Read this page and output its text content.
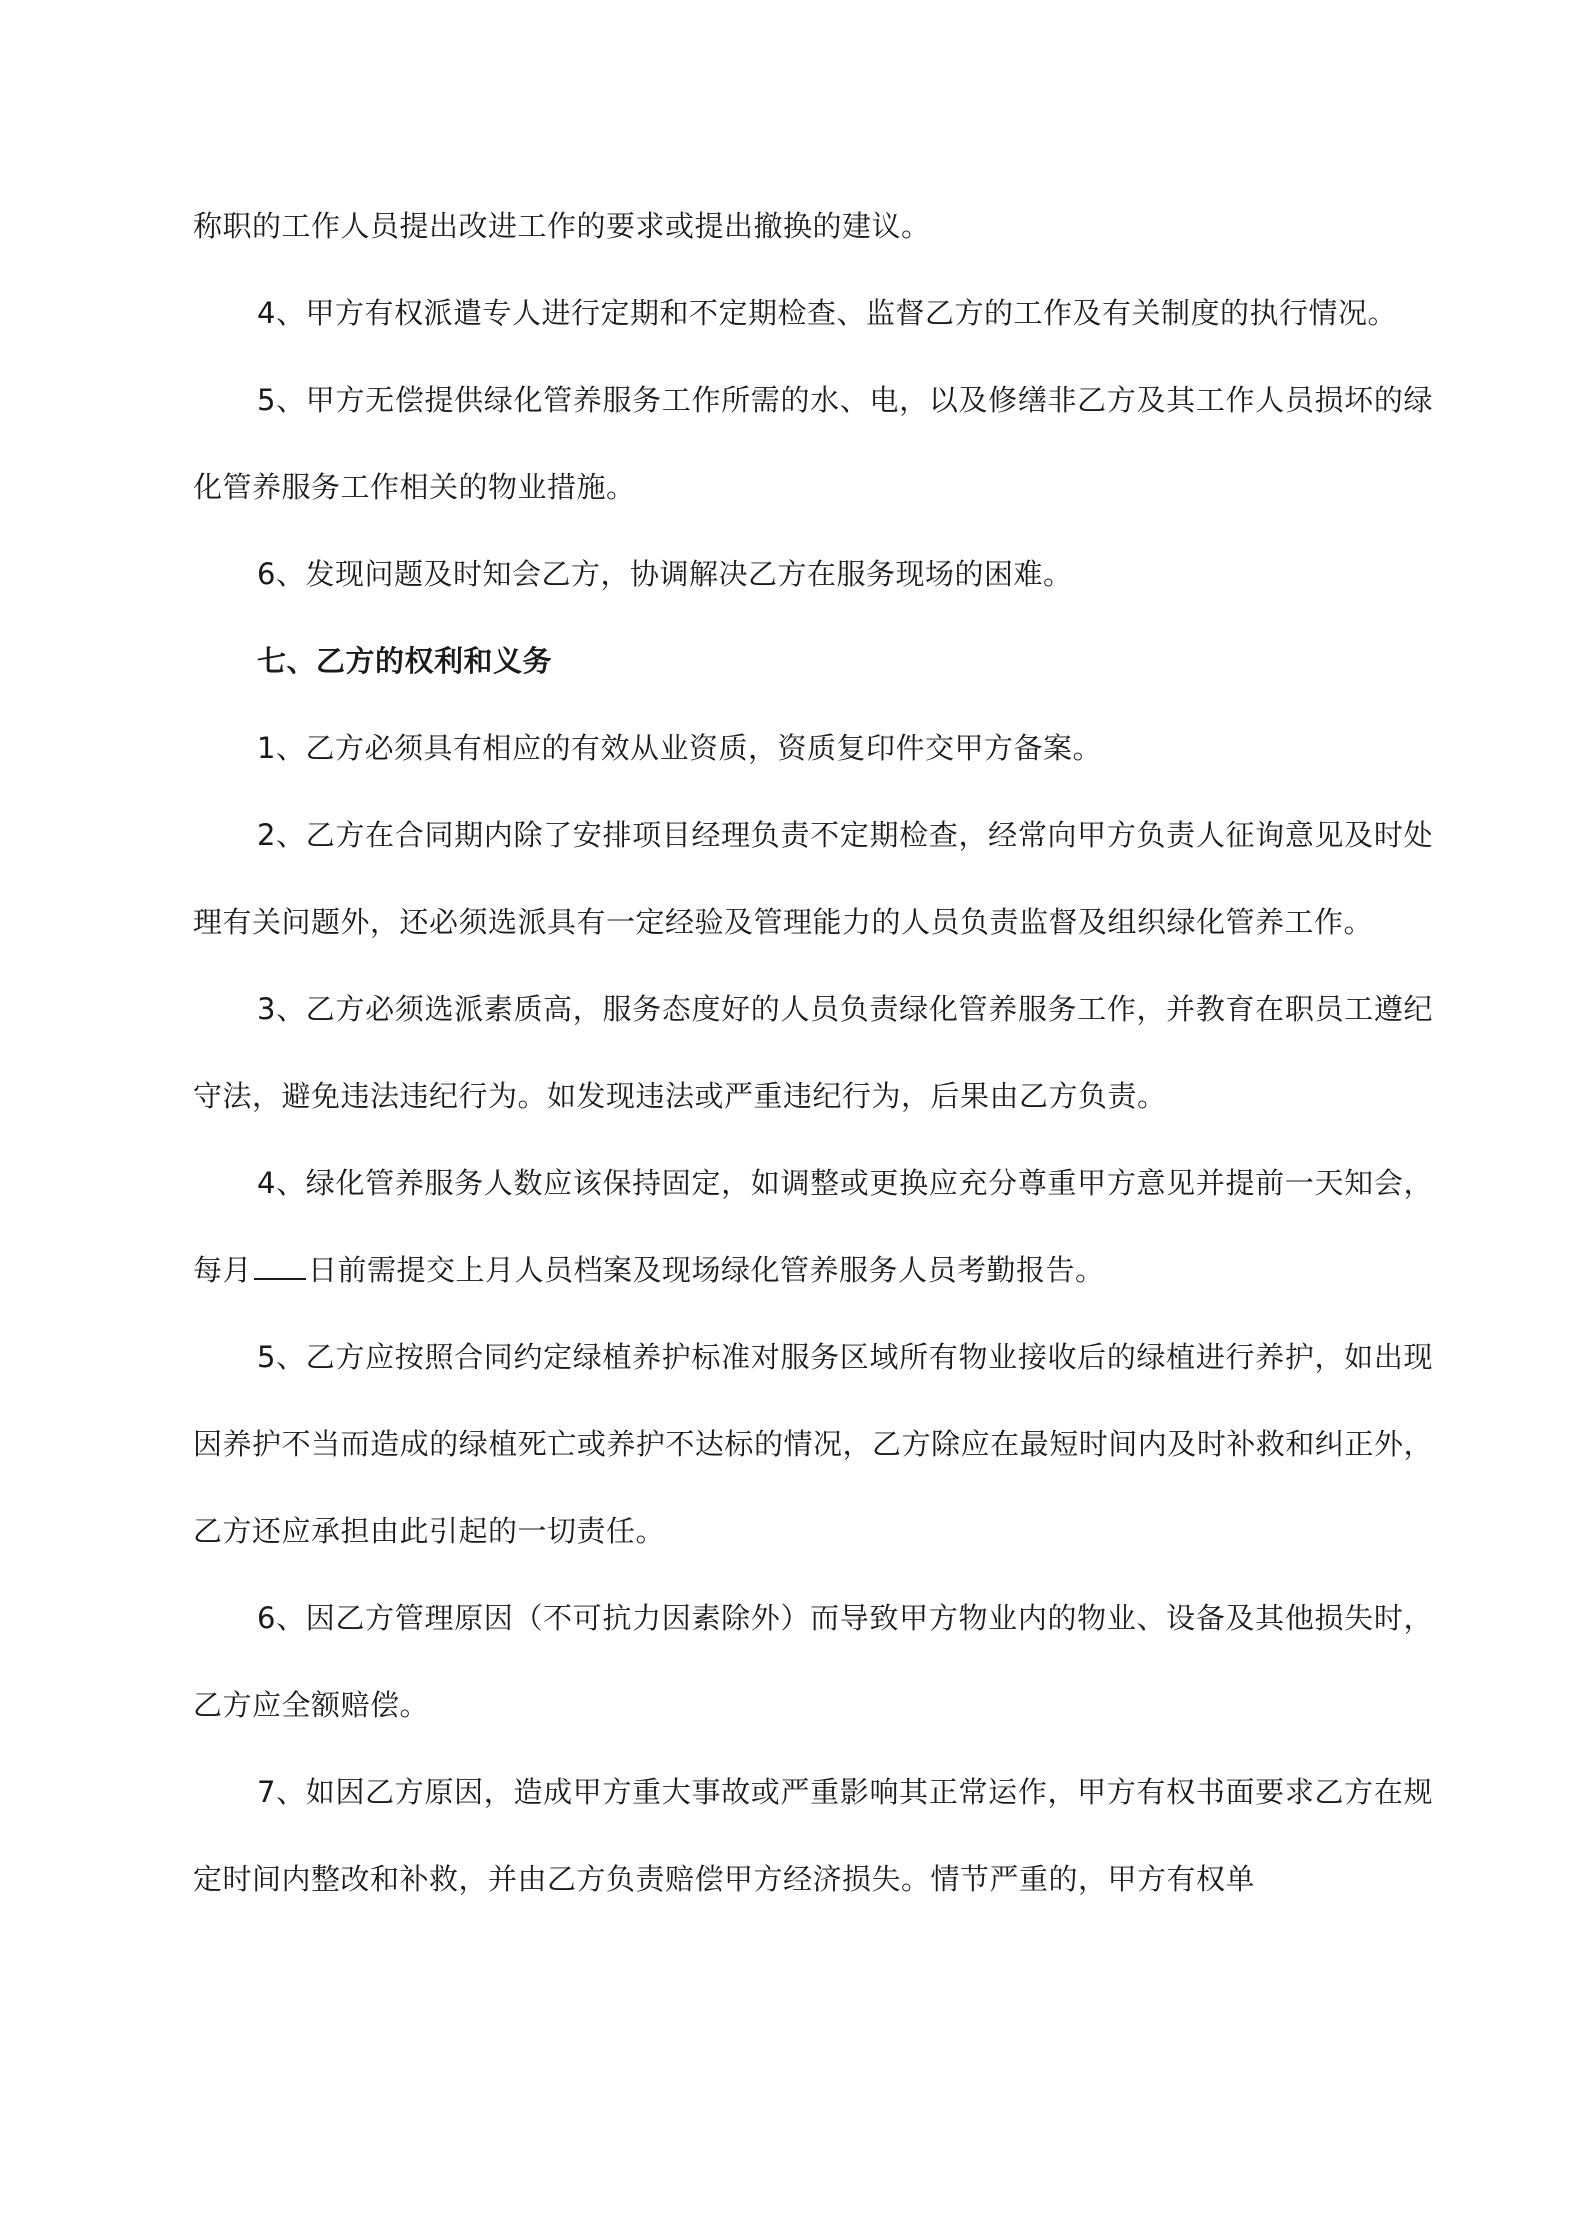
称职的工作人员提出改进工作的要求或提出撤换的建议。

4、甲方有权派遣专人进行定期和不定期检查、监督乙方的工作及有关制度的执行情况。

5、甲方无偿提供绿化管养服务工作所需的水、电，以及修缮非乙方及其工作人员损坏的绿化管养服务工作相关的物业措施。

6、发现问题及时知会乙方，协调解决乙方在服务现场的困难。

七、乙方的权利和义务

1、乙方必须具有相应的有效从业资质，资质复印件交甲方备案。

2、乙方在合同期内除了安排项目经理负责不定期检查，经常向甲方负责人征询意见及时处理有关问题外，还必须选派具有一定经验及管理能力的人员负责监督及组织绿化管养工作。

3、乙方必须选派素质高，服务态度好的人员负责绿化管养服务工作，并教育在职员工遵纪守法，避免违法违纪行为。如发现违法或严重违纪行为，后果由乙方负责。

4、绿化管养服务人数应该保持固定，如调整或更换应充分尊重甲方意见并提前一天知会，每月 日前需提交上月人员档案及现场绿化管养服务人员考勤报告。

5、乙方应按照合同约定绿植养护标准对服务区域所有物业接收后的绿植进行养护，如出现因养护不当而造成的绿植死亡或养护不达标的情况，乙方除应在最短时间内及时补救和纠正外，乙方还应承担由此引起的一切责任。

6、因乙方管理原因（不可抗力因素除外）而导致甲方物业内的物业、设备及其他损失时，乙方应全额赔偿。

7、如因乙方原因，造成甲方重大事故或严重影响其正常运作，甲方有权书面要求乙方在规定时间内整改和补救，并由乙方负责赔偿甲方经济损失。情节严重的，甲方有权单
